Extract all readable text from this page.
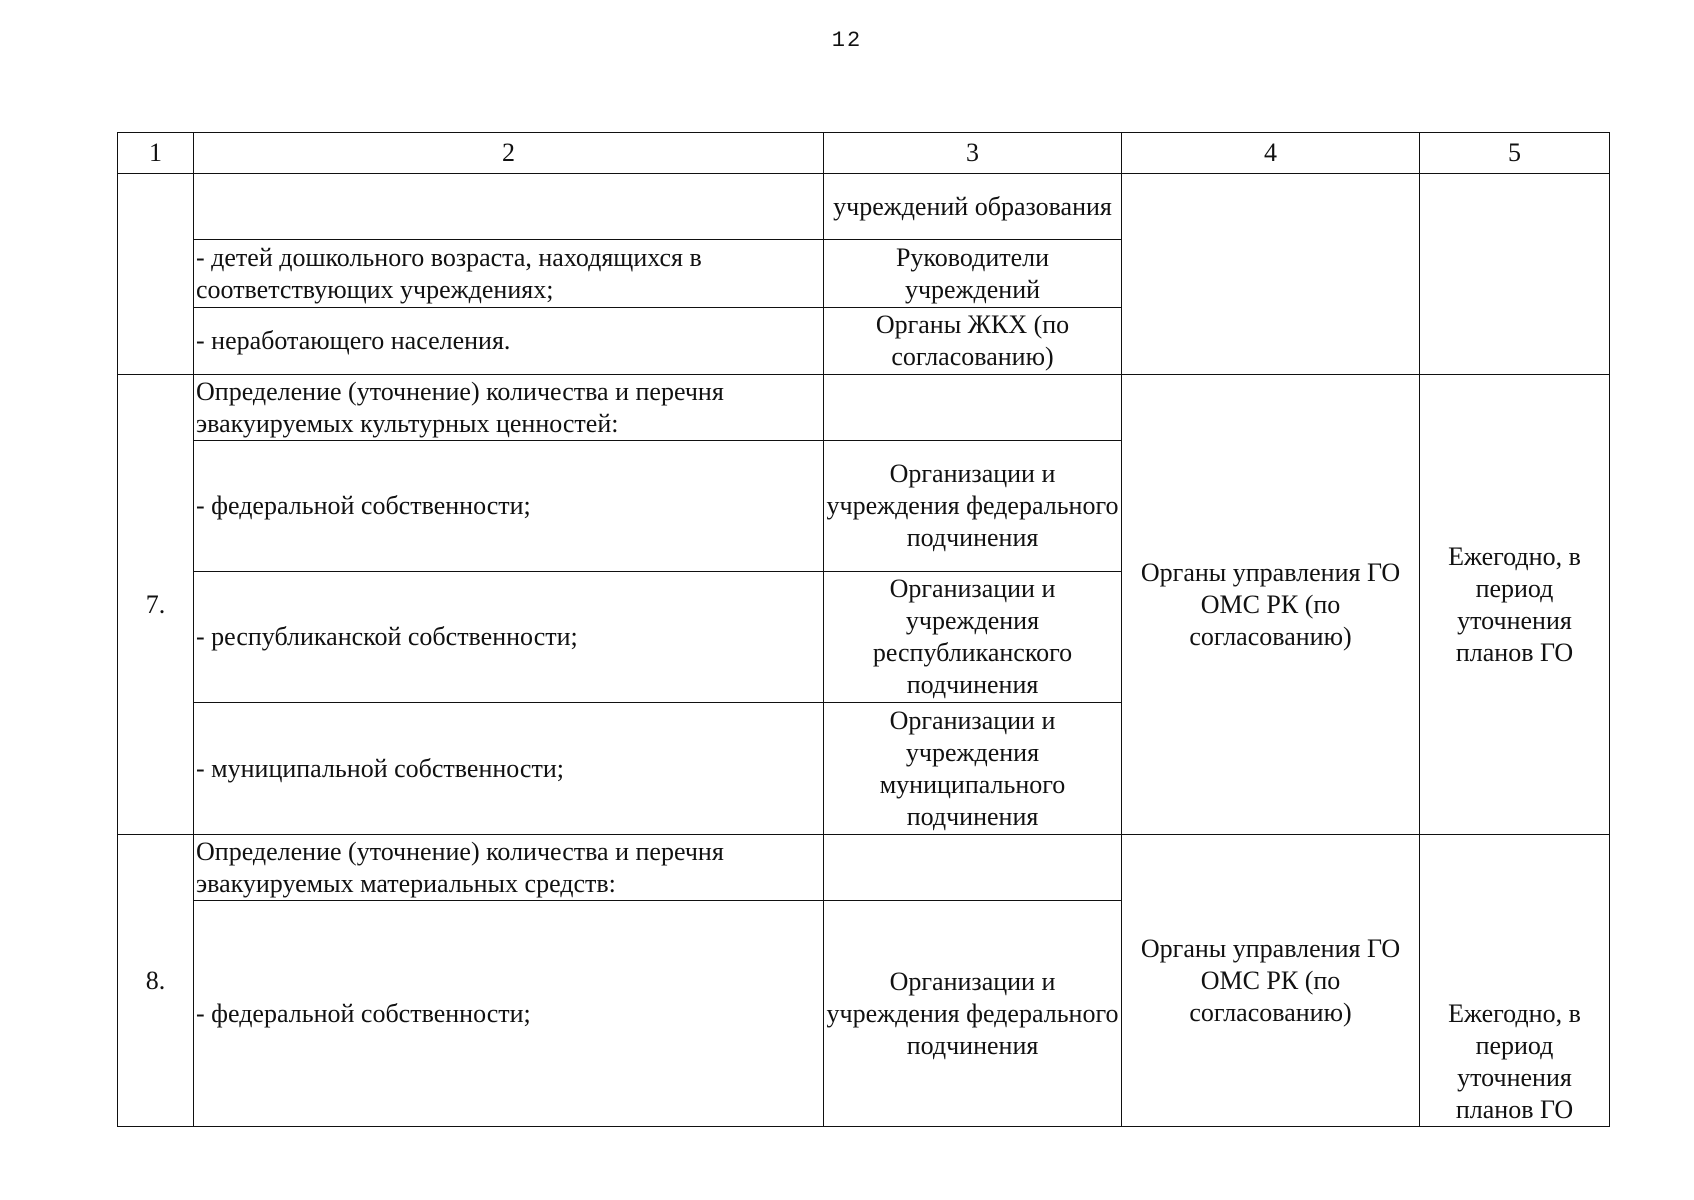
12
1	2	3	4	5
		учреждений образования		
	- детей дошкольного возраста, находящихся в соответствующих учреждениях;	Руководители учреждений		
	- неработающего населения.	Органы ЖКХ (по согласованию)		
7.	Определение (уточнение) количества и перечня эвакуируемых культурных ценностей:		Органы управления ГО ОМС РК (по согласованию)	Ежегодно, в период уточнения планов ГО
	- федеральной собственности;	Организации и учреждения федерального подчинения		
	- республиканской собственности;	Организации и учреждения республиканского подчинения		
	- муниципальной собственности;	Организации и учреждения муниципального подчинения		
8.	Определение (уточнение) количества и перечня эвакуируемых материальных средств:		Органы управления ГО ОМС РК (по согласованию)	Ежегодно, в период уточнения планов ГО
	- федеральной собственности;	Организации и учреждения федерального подчинения		
